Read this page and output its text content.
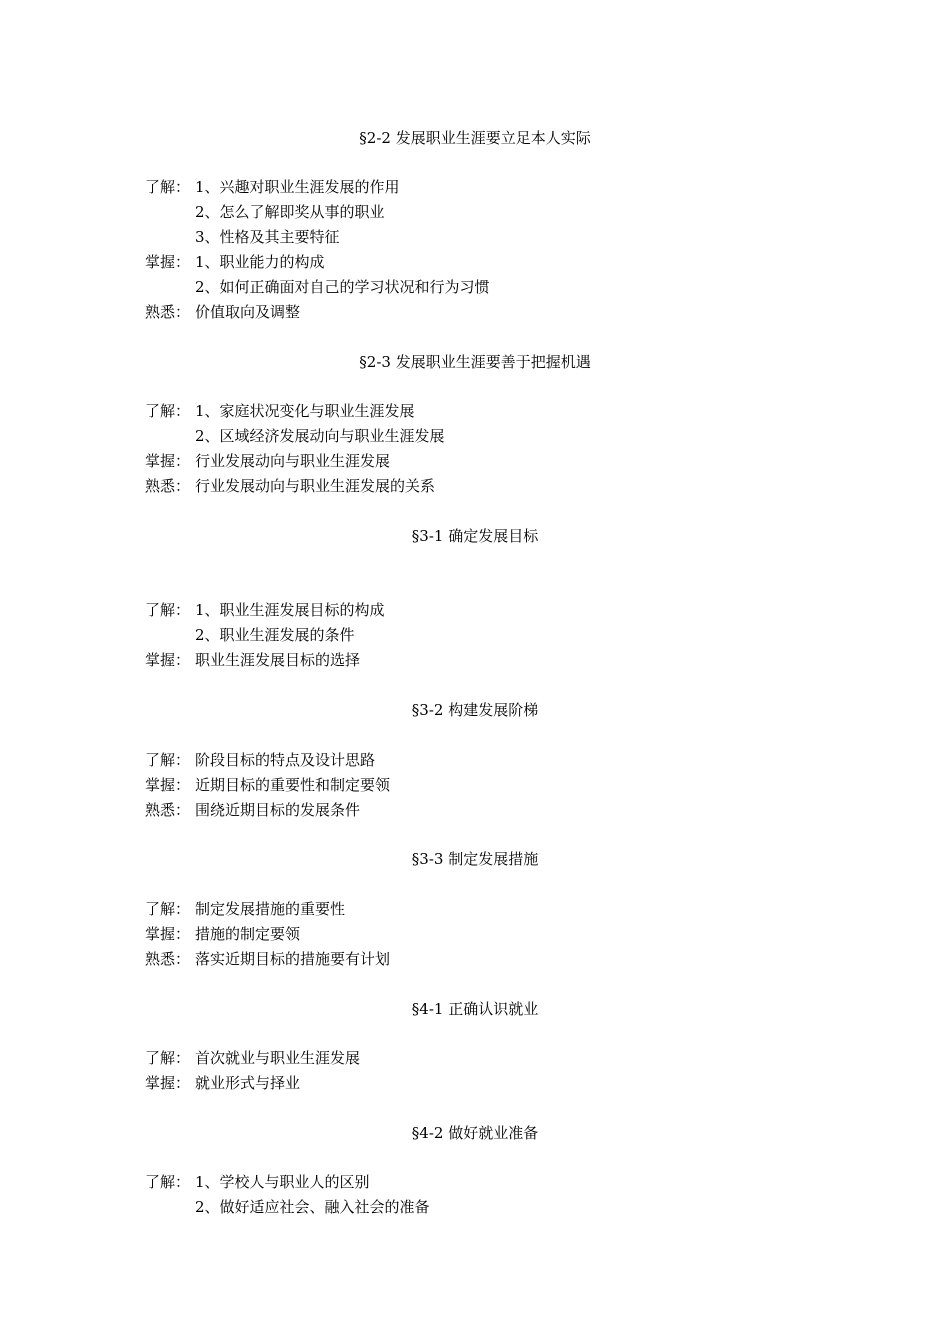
§2-2 发展职业生涯要立足本人实际
了解： 1、兴趣对职业生涯发展的作用
2、怎么了解即奖从事的职业
3、性格及其主要特征
掌握： 1、职业能力的构成
2、如何正确面对自己的学习状况和行为习惯
熟悉： 价值取向及调整
§2-3 发展职业生涯要善于把握机遇
了解： 1、家庭状况变化与职业生涯发展
2、区域经济发展动向与职业生涯发展
掌握： 行业发展动向与职业生涯发展
熟悉： 行业发展动向与职业生涯发展的关系
§3-1 确定发展目标
了解： 1、职业生涯发展目标的构成
2、职业生涯发展的条件
掌握： 职业生涯发展目标的选择
§3-2 构建发展阶梯
了解： 阶段目标的特点及设计思路
掌握： 近期目标的重要性和制定要领
熟悉： 围绕近期目标的发展条件
§3-3 制定发展措施
了解： 制定发展措施的重要性
掌握： 措施的制定要领
熟悉： 落实近期目标的措施要有计划
§4-1 正确认识就业
了解： 首次就业与职业生涯发展
掌握： 就业形式与择业
§4-2 做好就业准备
了解： 1、学校人与职业人的区别
2、做好适应社会、融入社会的准备
